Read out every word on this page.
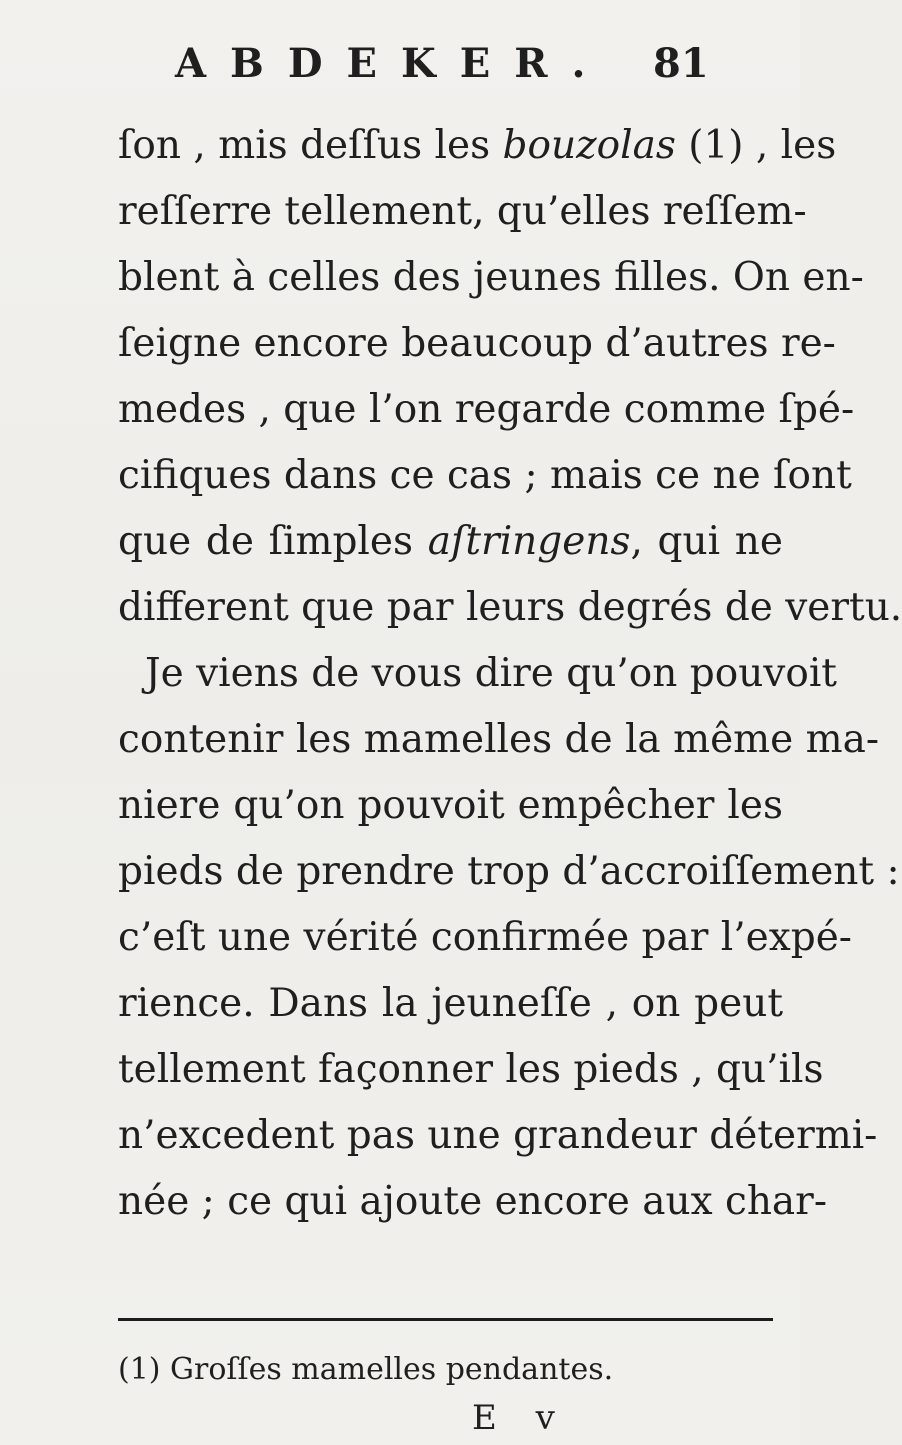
ABDEKER. 81
ſon , mis deſſus les bouzolas (1) , les
reſſerre tellement, qu’elles reſſem-
blent à celles des jeunes filles. On en-
ſeigne encore beaucoup d’autres re-
medes , que l’on regarde comme ſpé-
cifiques dans ce cas ; mais ce ne ſont
que de ſimples aſtringens, qui ne
different que par leurs degrés de vertu.
Je viens de vous dire qu’on pouvoit
contenir les mamelles de la même ma-
niere qu’on pouvoit empêcher les
pieds de prendre trop d’accroiſſement :
c’eſt une vérité confirmée par l’expé-
rience. Dans la jeuneſſe , on peut
tellement façonner les pieds , qu’ils
n’excedent pas une grandeur détermi-
née ; ce qui ajoute encore aux char-
(1) Groſſes mamelles pendantes.
E v
